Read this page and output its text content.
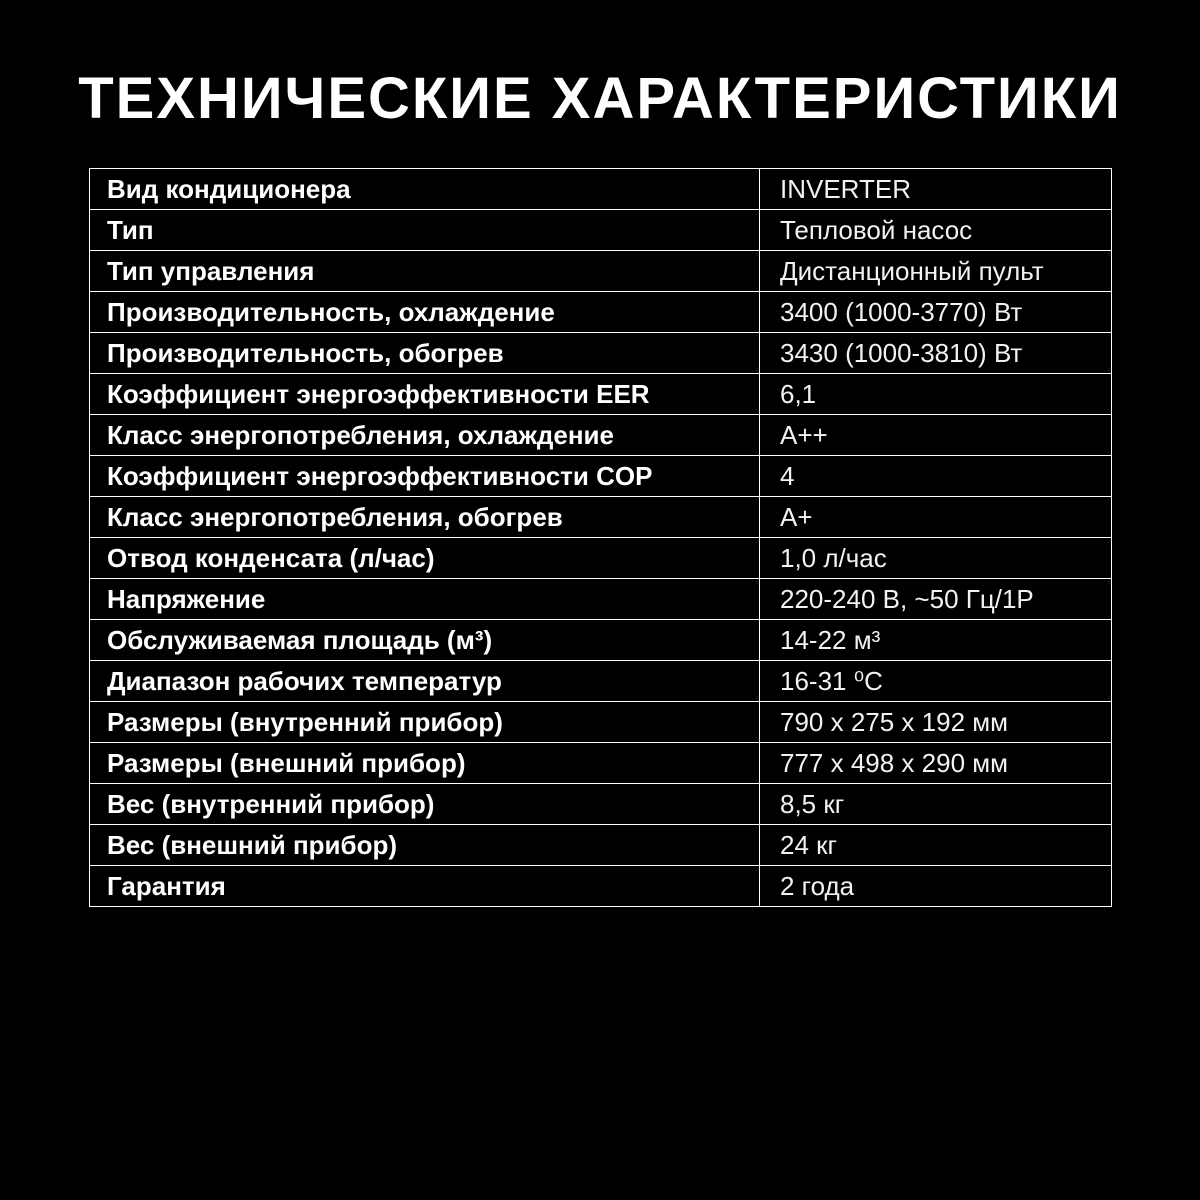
ТЕХНИЧЕСКИЕ ХАРАКТЕРИСТИКИ
Вид кондиционера	INVERTER
Тип	Тепловой насос
Тип управления	Дистанционный пульт
Производительность, охлаждение	3400 (1000-3770) Вт
Производительность, обогрев	3430 (1000-3810) Вт
Коэффициент энергоэффективности EER	6,1
Класс энергопотребления, охлаждение	A++
Коэффициент энергоэффективности COP	4
Класс энергопотребления, обогрев	A+
Отвод конденсата (л/час)	1,0 л/час
Напряжение	220-240 В, ~50 Гц/1Р
Обслуживаемая площадь (м³)	14-22 м³
Диапазон рабочих температур	16-31 ⁰C
Размеры (внутренний прибор)	790 x 275 x 192 мм
Размеры (внешний прибор)	777 x 498 x 290 мм
Вес (внутренний прибор)	8,5 кг
Вес (внешний прибор)	24 кг
Гарантия	2 года
